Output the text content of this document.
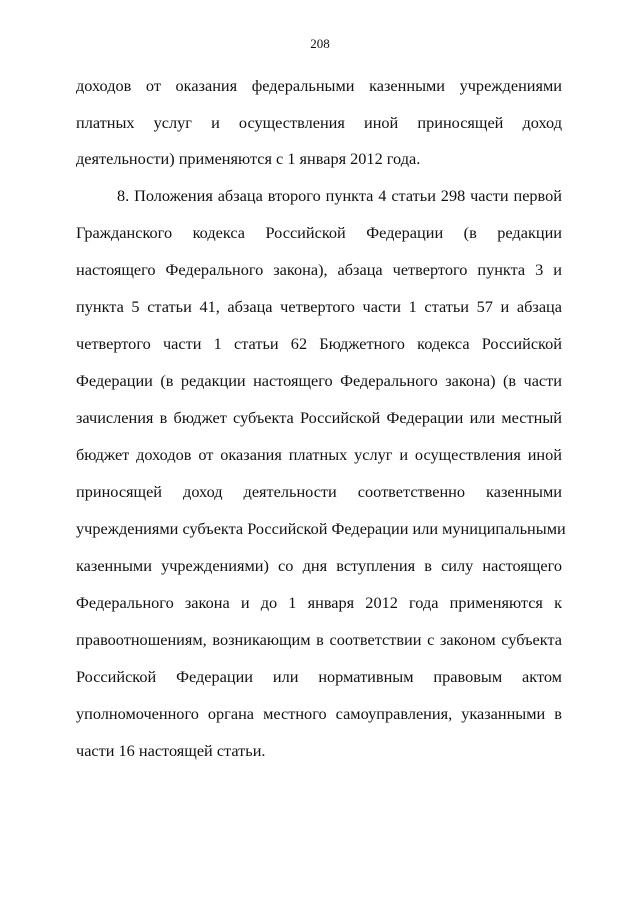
208
доходов от оказания федеральными казенными учреждениями
платных услуг и осуществления иной приносящей доход
деятельности) применяются с 1 января 2012 года.
8. Положения абзаца второго пункта 4 статьи 298 части первой
Гражданского кодекса Российской Федерации (в редакции
настоящего Федерального закона), абзаца четвертого пункта 3 и
пункта 5 статьи 41, абзаца четвертого части 1 статьи 57 и абзаца
четвертого части 1 статьи 62 Бюджетного кодекса Российской
Федерации (в редакции настоящего Федерального закона) (в части
зачисления в бюджет субъекта Российской Федерации или местный
бюджет доходов от оказания платных услуг и осуществления иной
приносящей доход деятельности соответственно казенными
учреждениями субъекта Российской Федерации или муниципальными
казенными учреждениями) со дня вступления в силу настоящего
Федерального закона и до 1 января 2012 года применяются к
правоотношениям, возникающим в соответствии с законом субъекта
Российской Федерации или нормативным правовым актом
уполномоченного органа местного самоуправления, указанными в
части 16 настоящей статьи.
